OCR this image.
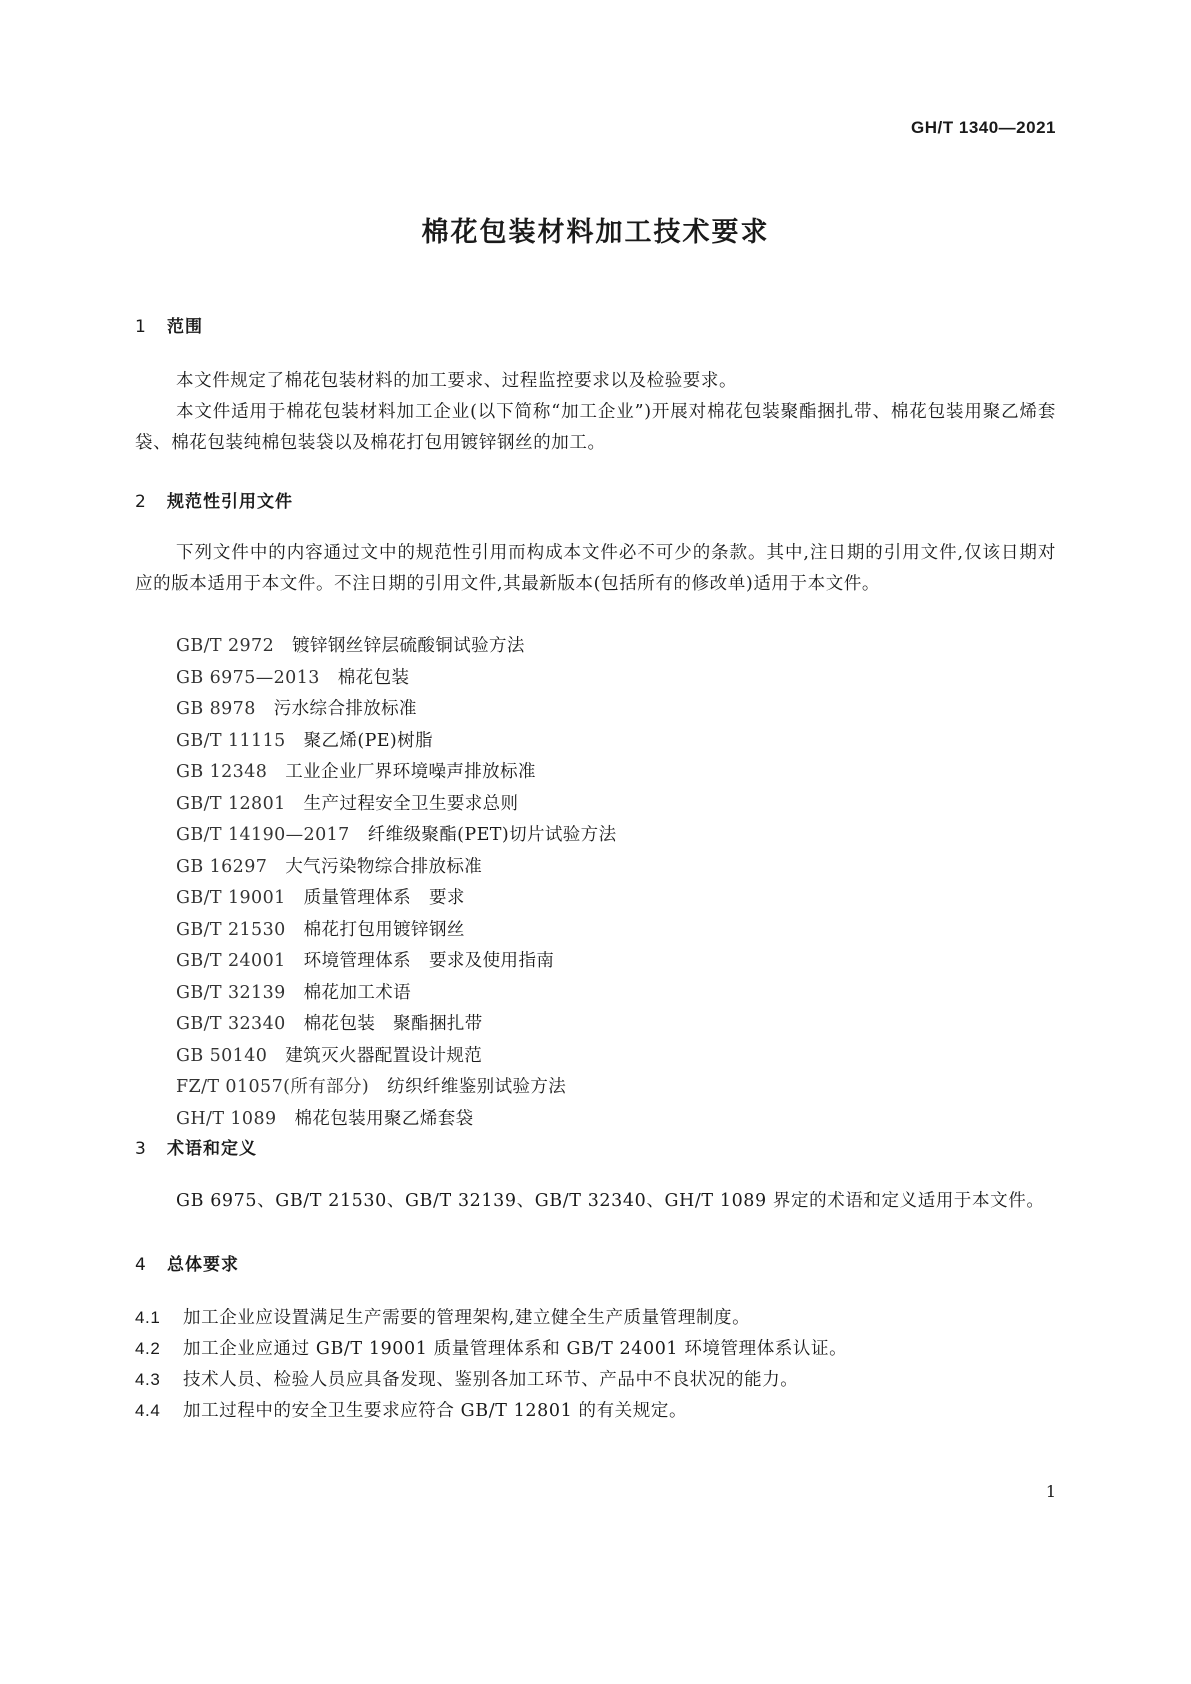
GH/T 1340—2021
棉花包装材料加工技术要求
1 范围
本文件规定了棉花包装材料的加工要求、过程监控要求以及检验要求。
本文件适用于棉花包装材料加工企业(以下简称“加工企业”)开展对棉花包装聚酯捆扎带、棉花包装用聚乙烯套袋、棉花包装纯棉包装袋以及棉花打包用镀锌钢丝的加工。
2 规范性引用文件
下列文件中的内容通过文中的规范性引用而构成本文件必不可少的条款。其中,注日期的引用文件,仅该日期对应的版本适用于本文件。不注日期的引用文件,其最新版本(包括所有的修改单)适用于本文件。
GB/T 2972 镀锌钢丝锌层硫酸铜试验方法
GB 6975—2013 棉花包装
GB 8978 污水综合排放标准
GB/T 11115 聚乙烯(PE)树脂
GB 12348 工业企业厂界环境噪声排放标准
GB/T 12801 生产过程安全卫生要求总则
GB/T 14190—2017 纤维级聚酯(PET)切片试验方法
GB 16297 大气污染物综合排放标准
GB/T 19001 质量管理体系　要求
GB/T 21530 棉花打包用镀锌钢丝
GB/T 24001 环境管理体系　要求及使用指南
GB/T 32139 棉花加工术语
GB/T 32340 棉花包装　聚酯捆扎带
GB 50140 建筑灭火器配置设计规范
FZ/T 01057(所有部分) 纺织纤维鉴别试验方法
GH/T 1089 棉花包装用聚乙烯套袋
3 术语和定义
GB 6975、GB/T 21530、GB/T 32139、GB/T 32340、GH/T 1089 界定的术语和定义适用于本文件。
4 总体要求
4.1 加工企业应设置满足生产需要的管理架构,建立健全生产质量管理制度。
4.2 加工企业应通过 GB/T 19001 质量管理体系和 GB/T 24001 环境管理体系认证。
4.3 技术人员、检验人员应具备发现、鉴别各加工环节、产品中不良状况的能力。
4.4 加工过程中的安全卫生要求应符合 GB/T 12801 的有关规定。
1
